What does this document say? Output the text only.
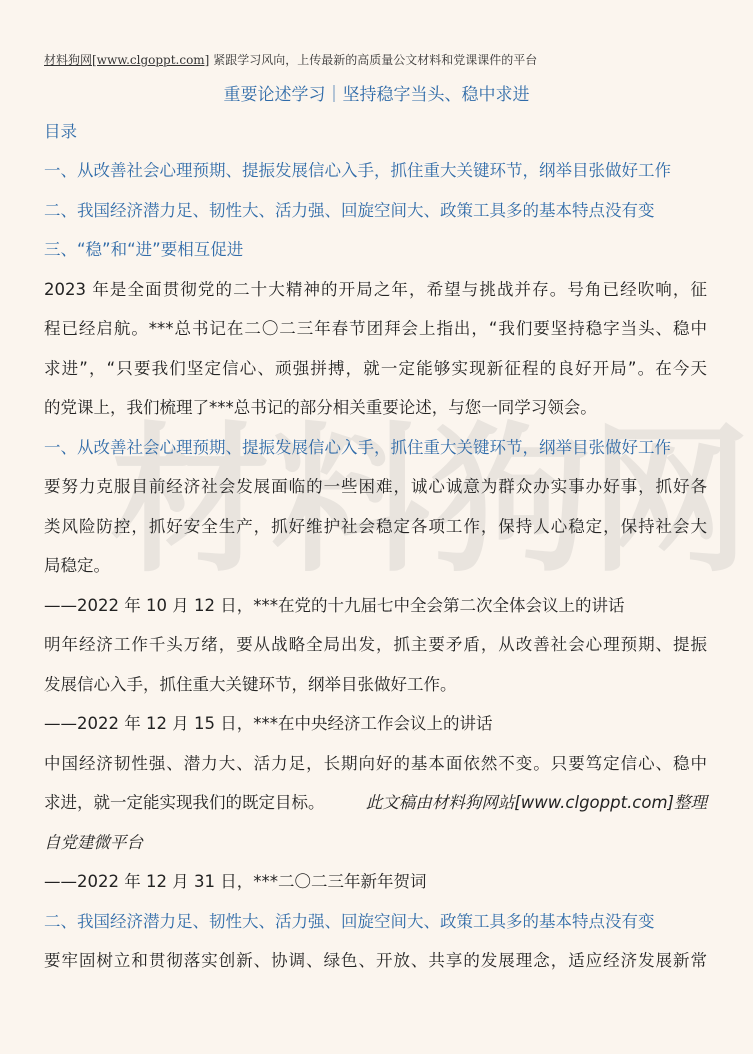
材 料 狗 网
材料狗网[www.clgoppt.com] 紧跟学习风向，上传最新的高质量公文材料和党课课件的平台
重要论述学习｜坚持稳字当头、稳中求进
目录
一、从改善社会心理预期、提振发展信心入手，抓住重大关键环节，纲举目张做好工作
二、我国经济潜力足、韧性大、活力强、回旋空间大、政策工具多的基本特点没有变
三、“稳”和“进”要相互促进
2023 年是全面贯彻党的二十大精神的开局之年，希望与挑战并存。号角已经吹响，征
程已经启航。***总书记在二〇二三年春节团拜会上指出，“我们要坚持稳字当头、稳中
求进”，“只要我们坚定信心、顽强拼搏，就一定能够实现新征程的良好开局”。在今天
的党课上，我们梳理了***总书记的部分相关重要论述，与您一同学习领会。
一、从改善社会心理预期、提振发展信心入手，抓住重大关键环节，纲举目张做好工作
要努力克服目前经济社会发展面临的一些困难，诚心诚意为群众办实事办好事，抓好各
类风险防控，抓好安全生产，抓好维护社会稳定各项工作，保持人心稳定，保持社会大
局稳定。
——2022 年 10 月 12 日，***在党的十九届七中全会第二次全体会议上的讲话
明年经济工作千头万绪，要从战略全局出发，抓主要矛盾，从改善社会心理预期、提振
发展信心入手，抓住重大关键环节，纲举目张做好工作。
——2022 年 12 月 15 日，***在中央经济工作会议上的讲话
中国经济韧性强、潜力大、活力足，长期向好的基本面依然不变。只要笃定信心、稳中
求进，就一定能实现我们的既定目标。	此文稿由材料狗网站[www.clgoppt.com]整理
自党建微平台
——2022 年 12 月 31 日，***二〇二三年新年贺词
二、我国经济潜力足、韧性大、活力强、回旋空间大、政策工具多的基本特点没有变
要牢固树立和贯彻落实创新、协调、绿色、开放、共享的发展理念，适应经济发展新常
